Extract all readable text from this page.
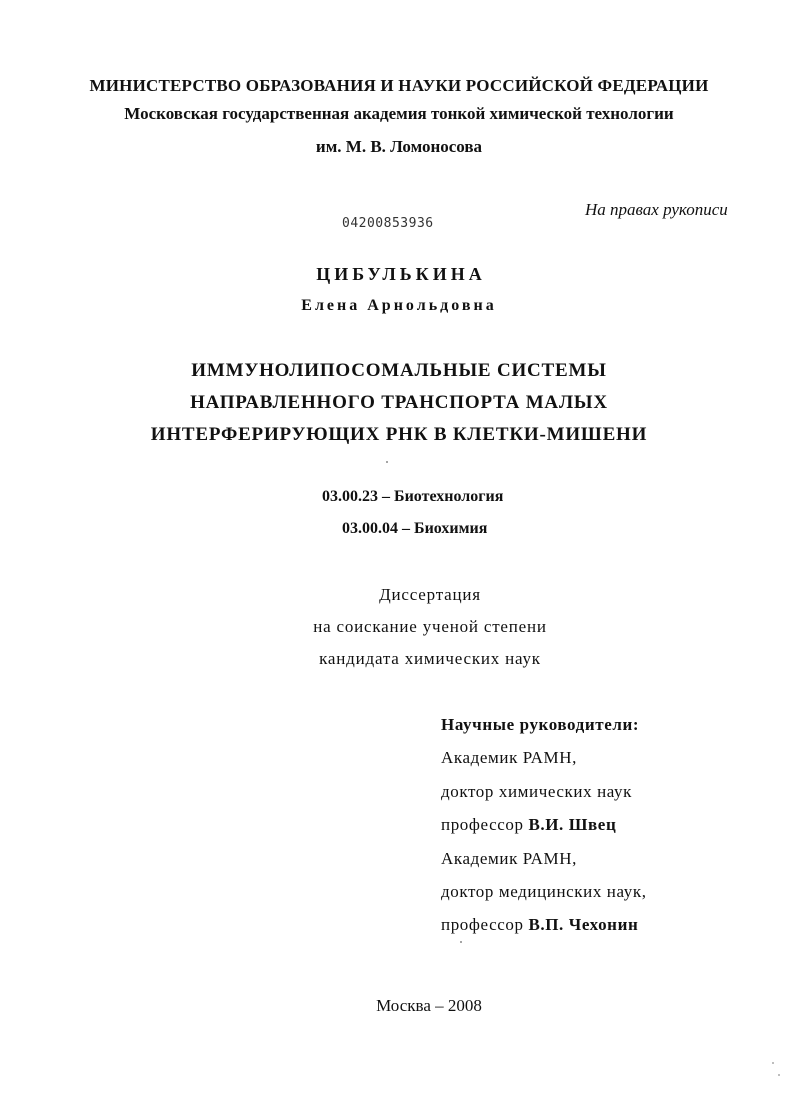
МИНИСТЕРСТВО ОБРАЗОВАНИЯ И НАУКИ РОССИЙСКОЙ ФЕДЕРАЦИИ
Московская государственная академия тонкой химической технологии
им. М. В. Ломоносова
На правах рукописи
04200853936
ЦИБУЛЬКИНА
Елена Арнольдовна
ИММУНОЛИПОСОМАЛЬНЫЕ СИСТЕМЫ
НАПРАВЛЕННОГО ТРАНСПОРТА МАЛЫХ
ИНТЕРФЕРИРУЮЩИХ РНК В КЛЕТКИ-МИШЕНИ
03.00.23 – Биотехнология
03.00.04 – Биохимия
Диссертация
на соискание ученой степени
кандидата химических наук
Научные руководители:
Академик РАМН,
доктор химических наук
профессор В.И. Швец
Академик РАМН,
доктор медицинских наук,
профессор В.П. Чехонин
Москва – 2008
